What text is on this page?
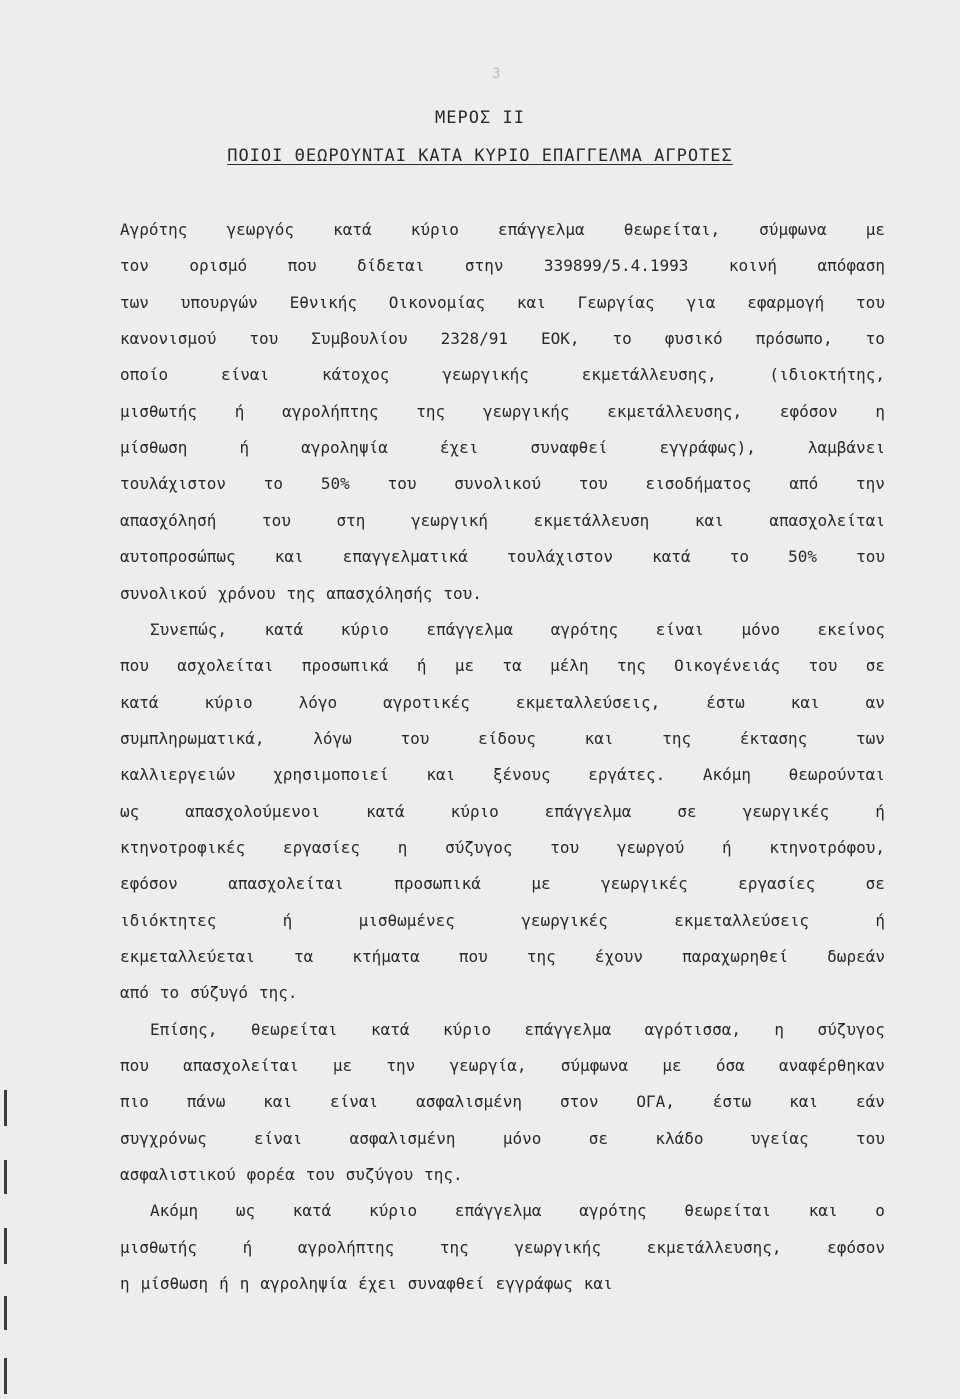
3
ΜΕΡΟΣ ΙΙ
ΠΟΙΟΙ ΘΕΩΡΟΥΝΤΑΙ ΚΑΤΑ ΚΥΡΙΟ ΕΠΑΓΓΕΛΜΑ ΑΓΡΟΤΕΣ
Αγρότης γεωργός κατά κύριο επάγγελμα θεωρείται, σύμφωνα με
τον	ορισμό	που	δίδεται	στην	339899/5.4.1993	κοινή	απόφαση
των υπουργών Εθνικής Οικονομίας και Γεωργίας για εφαρμογή του
κανονισμού του Συμβουλίου 2328/91 ΕΟΚ, το φυσικό πρόσωπο, το
οποίο	είναι	κάτοχος	γεωργικής	εκμετάλλευσης,	(ιδιοκτήτης,
μισθωτής ή αγρολήπτης της γεωργικής εκμετάλλευσης, εφόσον η
μίσθωση	ή	αγροληψία	έχει	συναφθεί	εγγράφως),	λαμβάνει
τουλάχιστον το 50% του συνολικού του εισοδήματος από την
απασχόλησή	του	στη	γεωργική	εκμετάλλευση	και	απασχολείται
αυτοπροσώπως και επαγγελματικά τουλάχιστον κατά το 50% του
συνολικού χρόνου της απασχόλησής του.
Συνεπώς, κατά κύριο επάγγελμα αγρότης είναι μόνο εκείνος
που ασχολείται προσωπικά ή με τα μέλη της Οικογένειάς του σε
κατά	κύριο	λόγο	αγροτικές	εκμεταλλεύσεις,	έστω	και	αν
συμπληρωματικά,	λόγω	του	είδους	και	της	έκτασης	των
καλλιεργειών χρησιμοποιεί και ξένους εργάτες. Ακόμη θεωρούνται
ως	απασχολούμενοι	κατά	κύριο	επάγγελμα	σε	γεωργικές	ή
κτηνοτροφικές εργασίες η σύζυγος του γεωργού ή κτηνοτρόφου,
εφόσον	απασχολείται	προσωπικά	με	γεωργικές	εργασίες	σε
ιδιόκτητες	ή	μισθωμένες	γεωργικές	εκμεταλλεύσεις	ή
εκμεταλλεύεται τα κτήματα που της έχουν παραχωρηθεί δωρεάν
από το σύζυγό της.
Επίσης, θεωρείται κατά κύριο επάγγελμα αγρότισσα, η σύζυγος
που απασχολείται με την γεωργία, σύμφωνα με όσα αναφέρθηκαν
πιο πάνω και είναι ασφαλισμένη στον ΟΓΑ, έστω και εάν
συγχρόνως	είναι	ασφαλισμένη	μόνο	σε	κλάδο	υγείας	του
ασφαλιστικού φορέα του συζύγου της.
Ακόμη ως κατά κύριο επάγγελμα αγρότης θεωρείται και ο
μισθωτής	ή	αγρολήπτης	της	γεωργικής	εκμετάλλευσης,	εφόσον
η μίσθωση ή η αγροληψία έχει συναφθεί εγγράφως και
